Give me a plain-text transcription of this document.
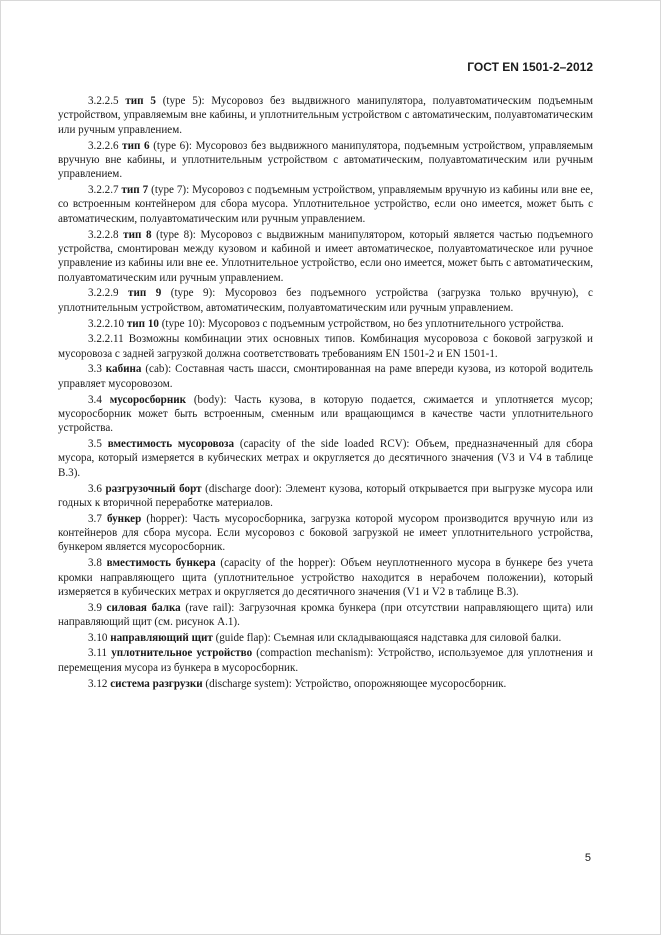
ГОСТ EN 1501-2–2012

3.2.2.5 тип 5 (type 5): Мусоровоз без выдвижного манипулятора, полуавтоматическим подъемным устройством, управляемым вне кабины, и уплотнительным устройством с автоматическим, полуавтоматическим или ручным управлением.

3.2.2.6 тип 6 (type 6): Мусоровоз без выдвижного манипулятора, подъемным устройством, управляемым вручную вне кабины, и уплотнительным устройством с автоматическим, полуавтоматическим или ручным управлением.

3.2.2.7 тип 7 (type 7): Мусоровоз с подъемным устройством, управляемым вручную из кабины или вне ее, со встроенным контейнером для сбора мусора. Уплотнительное устройство, если оно имеется, может быть с автоматическим, полуавтоматическим или ручным управлением.

3.2.2.8 тип 8 (type 8): Мусоровоз с выдвижным манипулятором, который является частью подъемного устройства, смонтирован между кузовом и кабиной и имеет автоматическое, полуавтоматическое или ручное управление из кабины или вне ее. Уплотнительное устройство, если оно имеется, может быть с автоматическим, полуавтоматическим или ручным управлением.

3.2.2.9 тип 9 (type 9): Мусоровоз без подъемного устройства (загрузка только вручную), с уплотнительным устройством, автоматическим, полуавтоматическим или ручным управлением.

3.2.2.10 тип 10 (type 10): Мусоровоз с подъемным устройством, но без уплотнительного устройства.

3.2.2.11 Возможны комбинации этих основных типов. Комбинация мусоровоза с боковой загрузкой и мусоровоза с задней загрузкой должна соответствовать требованиям EN 1501-2 и EN 1501-1.

3.3 кабина (cab): Составная часть шасси, смонтированная на раме впереди кузова, из которой водитель управляет мусоровозом.

3.4 мусоросборник (body): Часть кузова, в которую подается, сжимается и уплотняется мусор; мусоросборник может быть встроенным, сменным или вращающимся в качестве части уплотнительного устройства.

3.5 вместимость мусоровоза (capacity of the side loaded RCV): Объем, предназначенный для сбора мусора, который измеряется в кубических метрах и округляется до десятичного значения (V3 и V4 в таблице В.3).

3.6 разгрузочный борт (discharge door): Элемент кузова, который открывается при выгрузке мусора или годных к вторичной переработке материалов.

3.7 бункер (hopper): Часть мусоросборника, загрузка которой мусором производится вручную или из контейнеров для сбора мусора. Если мусоровоз с боковой загрузкой не имеет уплотнительного устройства, бункером является мусоросборник.

3.8 вместимость бункера (capacity of the hopper): Объем неуплотненного мусора в бункере без учета кромки направляющего щита (уплотнительное устройство находится в нерабочем положении), который измеряется в кубических метрах и округляется до десятичного значения (V1 и V2 в таблице В.3).

3.9 силовая балка (rave rail): Загрузочная кромка бункера (при отсутствии направляющего щита) или направляющий щит (см. рисунок А.1).

3.10 направляющий щит (guide flap): Съемная или складывающаяся надставка для силовой балки.

3.11 уплотнительное устройство (compaction mechanism): Устройство, используемое для уплотнения и перемещения мусора из бункера в мусоросборник.

3.12 система разгрузки (discharge system): Устройство, опорожняющее мусоросборник.

5
